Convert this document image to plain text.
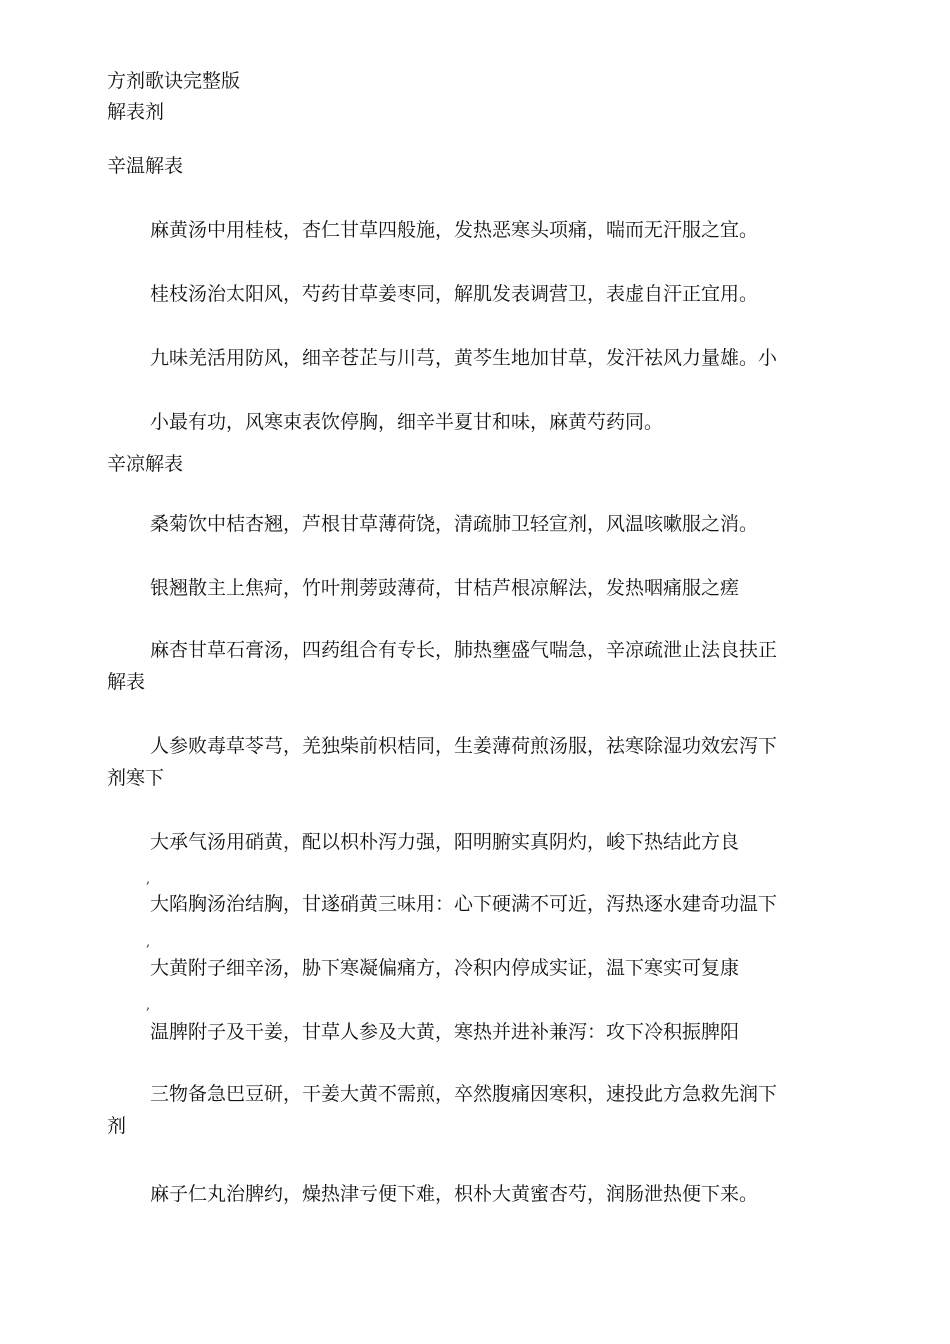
方剂歌诀完整版
解表剂
辛温解表
麻黄汤中用桂枝，杏仁甘草四般施，发热恶寒头项痛，喘而无汗服之宜。
桂枝汤治太阳风，芍药甘草姜枣同，解肌发表调营卫，表虚自汗正宜用。
九味羌活用防风，细辛苍芷与川芎，黄芩生地加甘草，发汗祛风力量雄。小
小最有功，风寒束表饮停胸，细辛半夏甘和味，麻黄芍药同。
辛凉解表
桑菊饮中桔杏翘，芦根甘草薄荷饶，清疏肺卫轻宣剂，风温咳嗽服之消。
银翘散主上焦疴，竹叶荆蒡豉薄荷，甘桔芦根凉解法，发热咽痛服之瘥
麻杏甘草石膏汤，四药组合有专长，肺热壅盛气喘急，辛凉疏泄止法良扶正
解表
人参败毒草苓芎，羌独柴前枳桔同，生姜薄荷煎汤服，祛寒除湿功效宏泻下
剂寒下
大承气汤用硝黄，配以枳朴泻力强，阳明腑实真阴灼，峻下热结此方良
,
大陷胸汤治结胸，甘遂硝黄三味用：心下硬满不可近，泻热逐水建奇功温下
,
大黄附子细辛汤，胁下寒凝偏痛方，冷积内停成实证，温下寒实可复康
,
温脾附子及干姜，甘草人参及大黄，寒热并进补兼泻：攻下冷积振脾阳
三物备急巴豆研，干姜大黄不需煎，卒然腹痛因寒积，速投此方急救先润下
剂
麻子仁丸治脾约，燥热津亏便下难，枳朴大黄蜜杏芍，润肠泄热便下来。
